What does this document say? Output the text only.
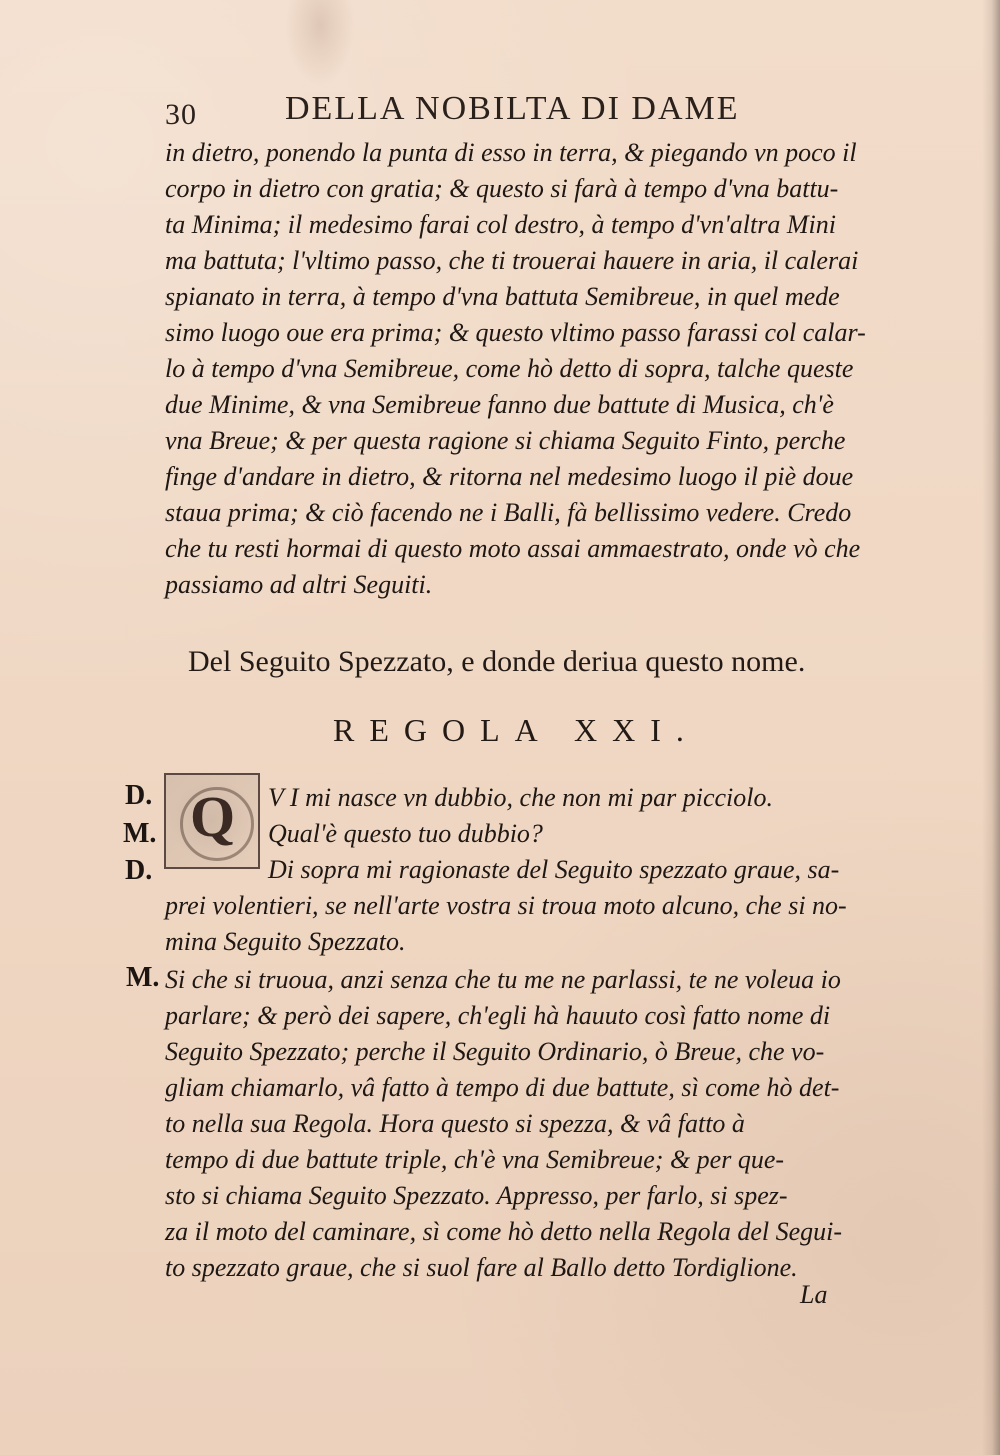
30	DELLA NOBILTA DI DAME
in dietro, ponendo la punta di esso in terra, & piegando vn poco il
corpo in dietro con gratia; & questo si farà à tempo d'vna battu-
ta Minima; il medesimo farai col destro, à tempo d'vn'altra Mini
ma battuta; l'vltimo passo, che ti trouerai hauere in aria, il calerai
spianato in terra, à tempo d'vna battuta Semibreue, in quel mede
simo luogo oue era prima; & questo vltimo passo farassi col calar-
lo à tempo d'vna Semibreue, come hò detto di sopra, talche queste
due Minime, & vna Semibreue fanno due battute di Musica, ch'è
vna Breue; & per questa ragione si chiama Seguito Finto, perche
finge d'andare in dietro, & ritorna nel medesimo luogo il piè doue
staua prima; & ciò facendo ne i Balli, fà bellissimo vedere. Credo
che tu resti hormai di questo moto assai ammaestrato, onde vò che
passiamo ad altri Seguiti.
Del Seguito Spezzato, e donde deriua questo nome.
REGOLA XXI.
Q
D.
M.
D.
M.
V I mi nasce vn dubbio, che non mi par picciolo.
Qual'è questo tuo dubbio?
Di sopra mi ragionaste del Seguito spezzato graue, sa-
prei volentieri, se nell'arte vostra si troua moto alcuno, che si no-
mina Seguito Spezzato.
Si che si truoua, anzi senza che tu me ne parlassi, te ne voleua io
parlare; & però dei sapere, ch'egli hà hauuto così fatto nome di
Seguito Spezzato; perche il Seguito Ordinario, ò Breue, che vo-
gliam chiamarlo, vâ fatto à tempo di due battute, sì come hò det-
to nella sua Regola. Hora questo si spezza, & vâ fatto à
tempo di due battute triple, ch'è vna Semibreue; & per que-
sto si chiama Seguito Spezzato. Appresso, per farlo, si spez-
za il moto del caminare, sì come hò detto nella Regola del Segui-
to spezzato graue, che si suol fare al Ballo detto Tordiglione.
La
